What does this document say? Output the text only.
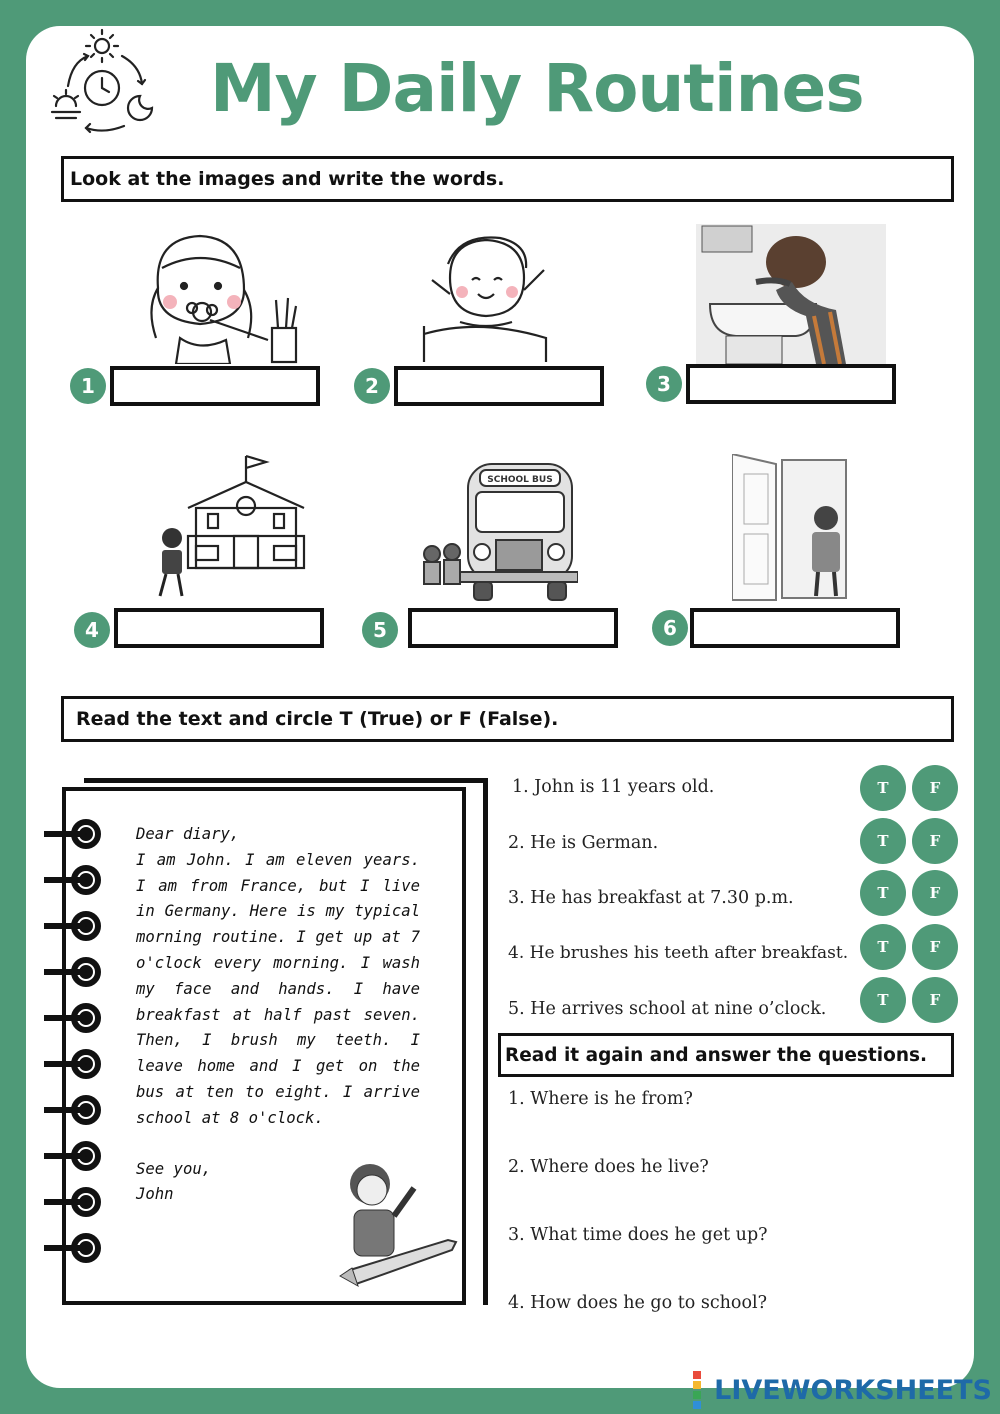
My Daily Routines
Look at the images and write the words.
SCHOOL BUS
1	2	3
4	5	6
Read the text and circle T (True) or F (False).

Dear diary,

I am John. I am eleven years. I am from France, but I live in Germany. Here is my typical morning routine. I get up at 7 o'clock every morning. I wash my face and hands. I have breakfast at half past seven. Then, I brush my teeth. I leave home and I get on the bus at ten to eight. I arrive school at 8 o'clock.

See you,

John

1. John is 11 years old.	T	F
2. He is German.	T	F
3. He has breakfast at 7.30 p.m.	T	F
4. He brushes his teeth after breakfast.	T	F
5. He arrives school at nine o’clock.	T	F
Read it again and answer the questions.
1. Where is he from?
2. Where does he live?
3. What time does he get up?
4. How does he go to school?
LIVEWORKSHEETS
